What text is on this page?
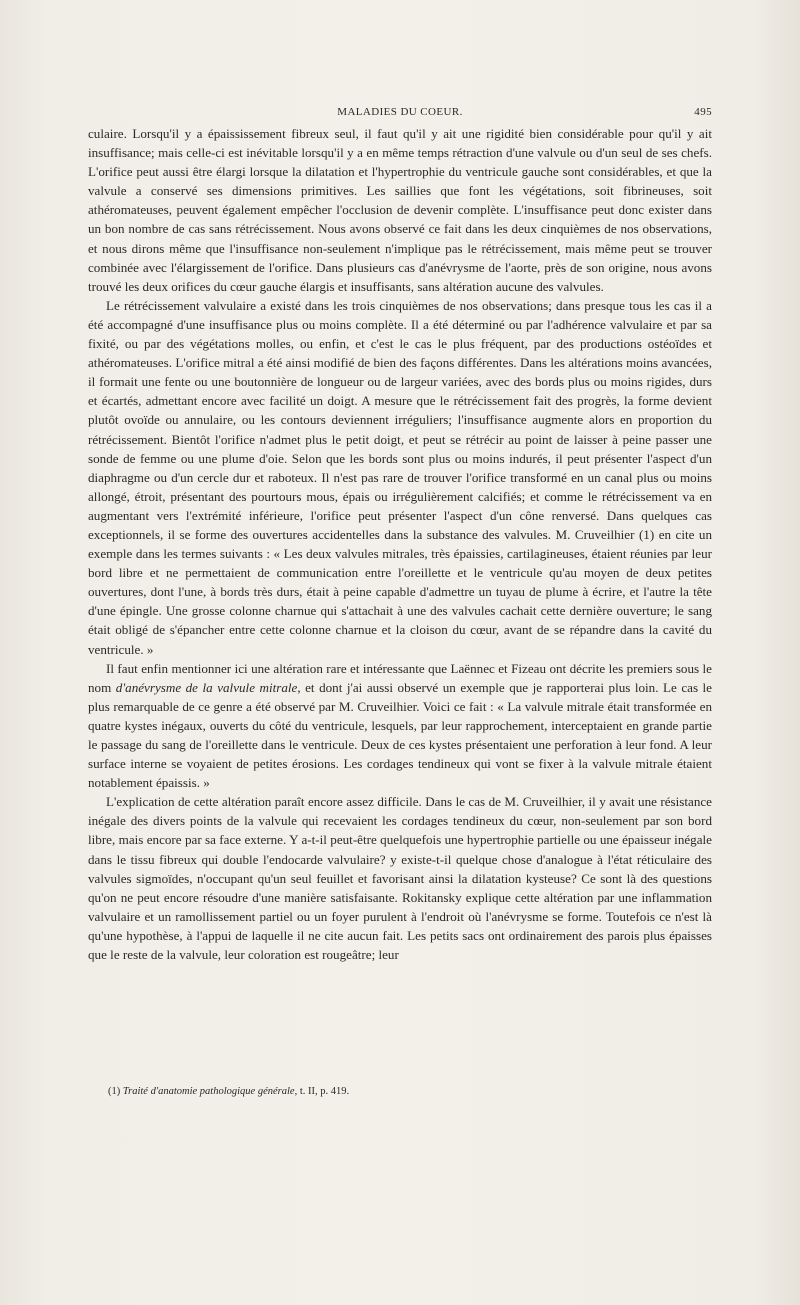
MALADIES DU COEUR.	495

culaire. Lorsqu'il y a épaississement fibreux seul, il faut qu'il y ait une rigidité bien considérable pour qu'il y ait insuffisance; mais celle-ci est inévitable lorsqu'il y a en même temps rétraction d'une valvule ou d'un seul de ses chefs. L'orifice peut aussi être élargi lorsque la dilatation et l'hypertrophie du ventricule gauche sont considérables, et que la valvule a conservé ses dimensions primitives. Les saillies que font les végétations, soit fibrineuses, soit athéromateuses, peuvent également empêcher l'occlusion de devenir complète. L'insuffisance peut donc exister dans un bon nombre de cas sans rétrécissement. Nous avons observé ce fait dans les deux cinquièmes de nos observations, et nous dirons même que l'insuffisance non-seulement n'implique pas le rétrécissement, mais même peut se trouver combinée avec l'élargissement de l'orifice. Dans plusieurs cas d'anévrysme de l'aorte, près de son origine, nous avons trouvé les deux orifices du cœur gauche élargis et insuffisants, sans altération aucune des valvules.

Le rétrécissement valvulaire a existé dans les trois cinquièmes de nos observations; dans presque tous les cas il a été accompagné d'une insuffisance plus ou moins complète. Il a été déterminé ou par l'adhérence valvulaire et par sa fixité, ou par des végétations molles, ou enfin, et c'est le cas le plus fréquent, par des productions ostéoïdes et athéromateuses. L'orifice mitral a été ainsi modifié de bien des façons différentes. Dans les altérations moins avancées, il formait une fente ou une boutonnière de longueur ou de largeur variées, avec des bords plus ou moins rigides, durs et écartés, admettant encore avec facilité un doigt. A mesure que le rétrécissement fait des progrès, la forme devient plutôt ovoïde ou annulaire, ou les contours deviennent irréguliers; l'insuffisance augmente alors en proportion du rétrécissement. Bientôt l'orifice n'admet plus le petit doigt, et peut se rétrécir au point de laisser à peine passer une sonde de femme ou une plume d'oie. Selon que les bords sont plus ou moins indurés, il peut présenter l'aspect d'un diaphragme ou d'un cercle dur et raboteux. Il n'est pas rare de trouver l'orifice transformé en un canal plus ou moins allongé, étroit, présentant des pourtours mous, épais ou irrégulièrement calcifiés; et comme le rétrécissement va en augmentant vers l'extrémité inférieure, l'orifice peut présenter l'aspect d'un cône renversé. Dans quelques cas exceptionnels, il se forme des ouvertures accidentelles dans la substance des valvules. M. Cruveilhier (1) en cite un exemple dans les termes suivants : « Les deux valvules mitrales, très épaissies, cartilagineuses, étaient réunies par leur bord libre et ne permettaient de communication entre l'oreillette et le ventricule qu'au moyen de deux petites ouvertures, dont l'une, à bords très durs, était à peine capable d'admettre un tuyau de plume à écrire, et l'autre la tête d'une épingle. Une grosse colonne charnue qui s'attachait à une des valvules cachait cette dernière ouverture; le sang était obligé de s'épancher entre cette colonne charnue et la cloison du cœur, avant de se répandre dans la cavité du ventricule. »

Il faut enfin mentionner ici une altération rare et intéressante que Laënnec et Fizeau ont décrite les premiers sous le nom d'anévrysme de la valvule mitrale, et dont j'ai aussi observé un exemple que je rapporterai plus loin. Le cas le plus remarquable de ce genre a été observé par M. Cruveilhier. Voici ce fait : « La valvule mitrale était transformée en quatre kystes inégaux, ouverts du côté du ventricule, lesquels, par leur rapprochement, interceptaient en grande partie le passage du sang de l'oreillette dans le ventricule. Deux de ces kystes présentaient une perforation à leur fond. A leur surface interne se voyaient de petites érosions. Les cordages tendineux qui vont se fixer à la valvule mitrale étaient notablement épaissis. »

L'explication de cette altération paraît encore assez difficile. Dans le cas de M. Cruveilhier, il y avait une résistance inégale des divers points de la valvule qui recevaient les cordages tendineux du cœur, non-seulement par son bord libre, mais encore par sa face externe. Y a-t-il peut-être quelquefois une hypertrophie partielle ou une épaisseur inégale dans le tissu fibreux qui double l'endocarde valvulaire? y existe-t-il quelque chose d'analogue à l'état réticulaire des valvules sigmoïdes, n'occupant qu'un seul feuillet et favorisant ainsi la dilatation kysteuse? Ce sont là des questions qu'on ne peut encore résoudre d'une manière satisfaisante. Rokitansky explique cette altération par une inflammation valvulaire et un ramollissement partiel ou un foyer purulent à l'endroit où l'anévrysme se forme. Toutefois ce n'est là qu'une hypothèse, à l'appui de laquelle il ne cite aucun fait. Les petits sacs ont ordinairement des parois plus épaisses que le reste de la valvule, leur coloration est rougeâtre; leur

(1) Traité d'anatomie pathologique générale, t. II, p. 419.
